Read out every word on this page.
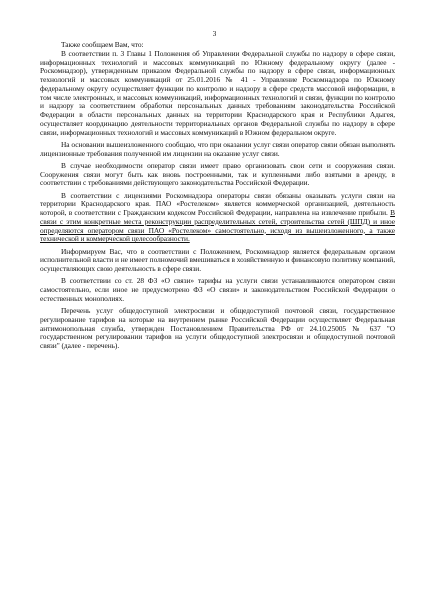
3

Также сообщаем Вам, что:

В соответствии п. 3 Главы 1 Положения об Управлении Федеральной службы по надзору в сфере связи, информационных технологий и массовых коммуникаций по Южному федеральному округу (далее - Роскомнадзор), утвержденным приказом Федеральной службы по надзору в сфере связи, информационных технологий и массовых коммуникаций от 25.01.2016 № 41 - Управление Роскомнадзора по Южному федеральному округу осуществляет функции по контролю и надзору в сфере средств массовой информации, в том числе электронных, и массовых коммуникаций, информационных технологий и связи, функции по контролю и надзору за соответствием обработки персональных данных требованиям законодательства Российской Федерации в области персональных данных на территории Краснодарского края и Республики Адыгея, осуществляет координацию деятельности территориальных органов Федеральной службы по надзору в сфере связи, информационных технологий и массовых коммуникаций в Южном федеральном округе.

На основании вышеизложенного сообщаю, что при оказании услуг связи оператор связи обязан выполнять лицензионные требования полученной им лицензии на оказание услуг связи.

В случае необходимости оператор связи имеет право организовать свои сети и сооружения связи. Сооружения связи могут быть как вновь построенными, так и купленными либо взятыми в аренду, в соответствии с требованиями действующего законодательства Российской Федерации.

В соответствии с лицензиями Роскомнадзора операторы связи обязаны оказывать услуги связи на территории Краснодарского края. ПАО «Ростелеком» является коммерческой организацией, деятельность которой, в соответствии с Гражданским кодексом Российской Федерации, направлена на извлечение прибыли. В связи с этим конкретные места реконструкции распределительных сетей, строительства сетей (ШПД) и иное определяются оператором связи ПАО «Ростелеком» самостоятельно, исходя из вышеизложенного, а также технической и коммерческой целесообразности.

Информируем Вас, что в соответствии с Положением, Роскомнадзор является федеральным органом исполнительной власти и не имеет полномочий вмешиваться в хозяйственную и финансовую политику компаний, осуществляющих свою деятельность в сфере связи.

В соответствии со ст. 28 ФЗ «О связи» тарифы на услуги связи устанавливаются оператором связи самостоятельно, если иное не предусмотрено ФЗ «О связи» и законодательством Российской Федерации о естественных монополиях.

Перечень услуг общедоступной электросвязи и общедоступной почтовой связи, государственное регулирование тарифов на которые на внутреннем рынке Российской Федерации осуществляет Федеральная антимонопольная служба, утвержден Постановлением Правительства РФ от 24.10.25005 № 637 "О государственном регулировании тарифов на услуги общедоступной электросвязи и общедоступной почтовой связи" (далее - перечень).
